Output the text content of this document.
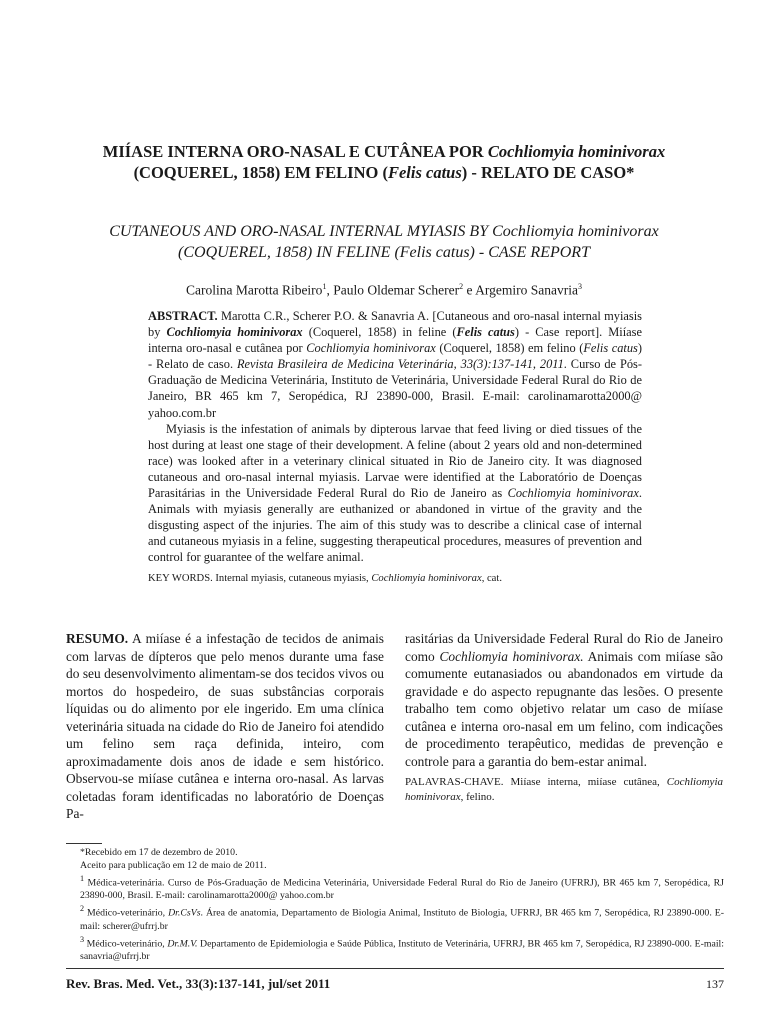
MIÍASE INTERNA ORO-NASAL E CUTÂNEA POR Cochliomyia hominivorax
(COQUEREL, 1858) EM FELINO (Felis catus) - RELATO DE CASO*
CUTANEOUS AND ORO-NASAL INTERNAL MYIASIS BY Cochliomyia hominivorax
(COQUEREL, 1858) IN FELINE (Felis catus) - CASE REPORT
Carolina Marotta Ribeiro$^1$, Paulo Oldemar Scherer$^2$ e Argemiro Sanavria$^3$

ABSTRACT. Marotta C.R., Scherer P.O. & Sanavria A. [Cutaneous and oro-nasal internal myiasis by Cochliomyia hominivorax (Coquerel, 1858) in feline (Felis catus) - Case report]. Miíase interna oro-nasal e cutânea por Cochliomyia hominivorax (Coquerel, 1858) em felino (Felis catus) - Relato de caso. Revista Brasileira de Medicina Veterinária, 33(3):137-141, 2011. Curso de Pós-Graduação de Medicina Veterinária, Instituto de Veterinária, Universidade Federal Rural do Rio de Janeiro, BR 465 km 7, Seropédica, RJ 23890-000, Brasil. E-mail: carolinamarotta2000@ yahoo.com.br

Myiasis is the infestation of animals by dipterous larvae that feed living or died tissues of the host during at least one stage of their development. A feline (about 2 years old and non-determined race) was looked after in a veterinary clinical situated in Rio de Janeiro city. It was diagnosed cutaneous and oro-nasal internal myiasis. Larvae were identified at the Laboratório de Doenças Parasitárias in the Universidade Federal Rural do Rio de Janeiro as Cochliomyia hominivorax. Animals with myiasis generally are euthanized or abandoned in virtue of the gravity and the disgusting aspect of the injuries. The aim of this study was to describe a clinical case of internal and cutaneous myiasis in a feline, suggesting therapeutical procedures, measures of prevention and control for guarantee of the welfare animal.

KEY WORDS. Internal myiasis, cutaneous myiasis, Cochliomyia hominivorax, cat.

RESUMO. A miíase é a infestação de tecidos de animais com larvas de dípteros que pelo menos durante uma fase do seu desenvolvimento alimentam-se dos tecidos vivos ou mortos do hospedeiro, de suas substâncias corporais líquidas ou do alimento por ele ingerido. Em uma clínica veterinária situada na cidade do Rio de Janeiro foi atendido um felino sem raça definida, inteiro, com aproximadamente dois anos de idade e sem histórico. Observou-se miíase cutânea e interna oro-nasal. As larvas coletadas foram identificadas no laboratório de Doenças Pa-
rasitárias da Universidade Federal Rural do Rio de Janeiro como Cochliomyia hominivorax. Animais com miíase são comumente eutanasiados ou abandonados em virtude da gravidade e do aspecto repugnante das lesões. O presente trabalho tem como objetivo relatar um caso de miíase cutânea e interna oro-nasal em um felino, com indicações de procedimento terapêutico, medidas de prevenção e controle para a garantia do bem-estar animal.
PALAVRAS-CHAVE. Miíase interna, miíase cutânea, Cochliomyia hominivorax, felino.

*Recebido em 17 de dezembro de 2010.

Aceito para publicação em 12 de maio de 2011.

$^1$ Médica-veterinária. Curso de Pós-Graduação de Medicina Veterinária, Universidade Federal Rural do Rio de Janeiro (UFRRJ), BR 465 km 7, Seropédica, RJ 23890-000, Brasil. E-mail: carolinamarotta2000@ yahoo.com.br

$^2$ Médico-veterinário, Dr.CsVs. Área de anatomia, Departamento de Biologia Animal, Instituto de Biologia, UFRRJ, BR 465 km 7, Seropédica, RJ 23890-000. E-mail: scherer@ufrrj.br

$^3$ Médico-veterinário, Dr.M.V. Departamento de Epidemiologia e Saúde Pública, Instituto de Veterinária, UFRRJ, BR 465 km 7, Seropédica, RJ 23890-000. E-mail: sanavria@ufrrj.br

Rev. Bras. Med. Vet., 33(3):137-141, jul/set 2011	137
